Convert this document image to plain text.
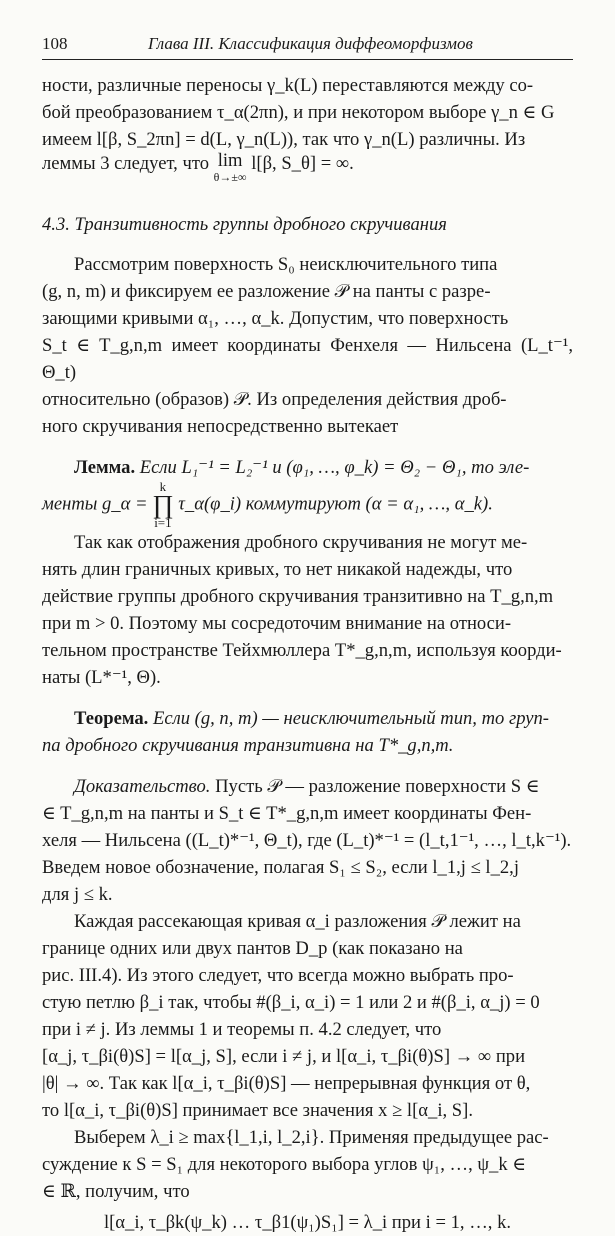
108	Глава III. Классификация диффеоморфизмов

ности, различные переносы γ_k(L) переставляются между со-

бой преобразованием τ_α(2πn), и при некотором выборе γ_n ∈ G

имеем l[β, S_2πn] = d(L, γ_n(L)), так что γ_n(L) различны. Из

леммы 3 следует, что lim
θ→±∞
l[β, S_θ] = ∞.

4.3. Транзитивность группы дробного скручивания

Рассмотрим поверхность S₀ неисключительного типа

(g, n, m) и фиксируем ее разложение 𝒫 на панты с разре-

зающими кривыми α₁, …, α_k. Допустим, что поверхность

S_t ∈ T_g,n,m имеет координаты Фенхеля — Нильсена (L_t⁻¹, Θ_t)

относительно (образов) 𝒫. Из определения действия дроб-

ного скручивания непосредственно вытекает

Лемма. Если L₁⁻¹ = L₂⁻¹ и (φ₁, …, φ_k) = Θ₂ − Θ₁, то эле-

менты g_α = k
∏
i=1 τ_α(φ_i) коммутируют (α = α₁, …, α_k).

Так как отображения дробного скручивания не могут ме-

нять длин граничных кривых, то нет никакой надежды, что

действие группы дробного скручивания транзитивно на T_g,n,m

при m > 0. Поэтому мы сосредоточим внимание на относи-

тельном пространстве Тейхмюллера T*_g,n,m, используя коорди-

наты (L*⁻¹, Θ).

Теорема. Если (g, n, m) — неисключительный тип, то груп-

па дробного скручивания транзитивна на T*_g,n,m.

Доказательство. Пусть 𝒫 — разложение поверхности S ∈

∈ T_g,n,m на панты и S_t ∈ T*_g,n,m имеет координаты Фен-

хеля — Нильсена ((L_t)*⁻¹, Θ_t), где (L_t)*⁻¹ = (l_t,1⁻¹, …, l_t,k⁻¹).

Введем новое обозначение, полагая S₁ ≤ S₂, если l_1,j ≤ l_2,j

для j ≤ k.

Каждая рассекающая кривая α_i разложения 𝒫 лежит на

границе одних или двух пантов D_p (как показано на

рис. III.4). Из этого следует, что всегда можно выбрать про-

стую петлю β_i так, чтобы #(β_i, α_i) = 1 или 2 и #(β_i, α_j) = 0

при i ≠ j. Из леммы 1 и теоремы п. 4.2 следует, что

[α_j, τ_βi(θ)S] = l[α_j, S], если i ≠ j, и l[α_i, τ_βi(θ)S] → ∞ при

|θ| → ∞. Так как l[α_i, τ_βi(θ)S] — непрерывная функция от θ,

то l[α_i, τ_βi(θ)S] принимает все значения x ≥ l[α_i, S].

Выберем λ_i ≥ max{l_1,i, l_2,i}. Применяя предыдущее рас-

суждение к S = S₁ для некоторого выбора углов ψ₁, …, ψ_k ∈

∈ ℝ, получим, что

l[α_i, τ_βk(ψ_k) … τ_β1(ψ₁)S₁] = λ_i при i = 1, …, k.
